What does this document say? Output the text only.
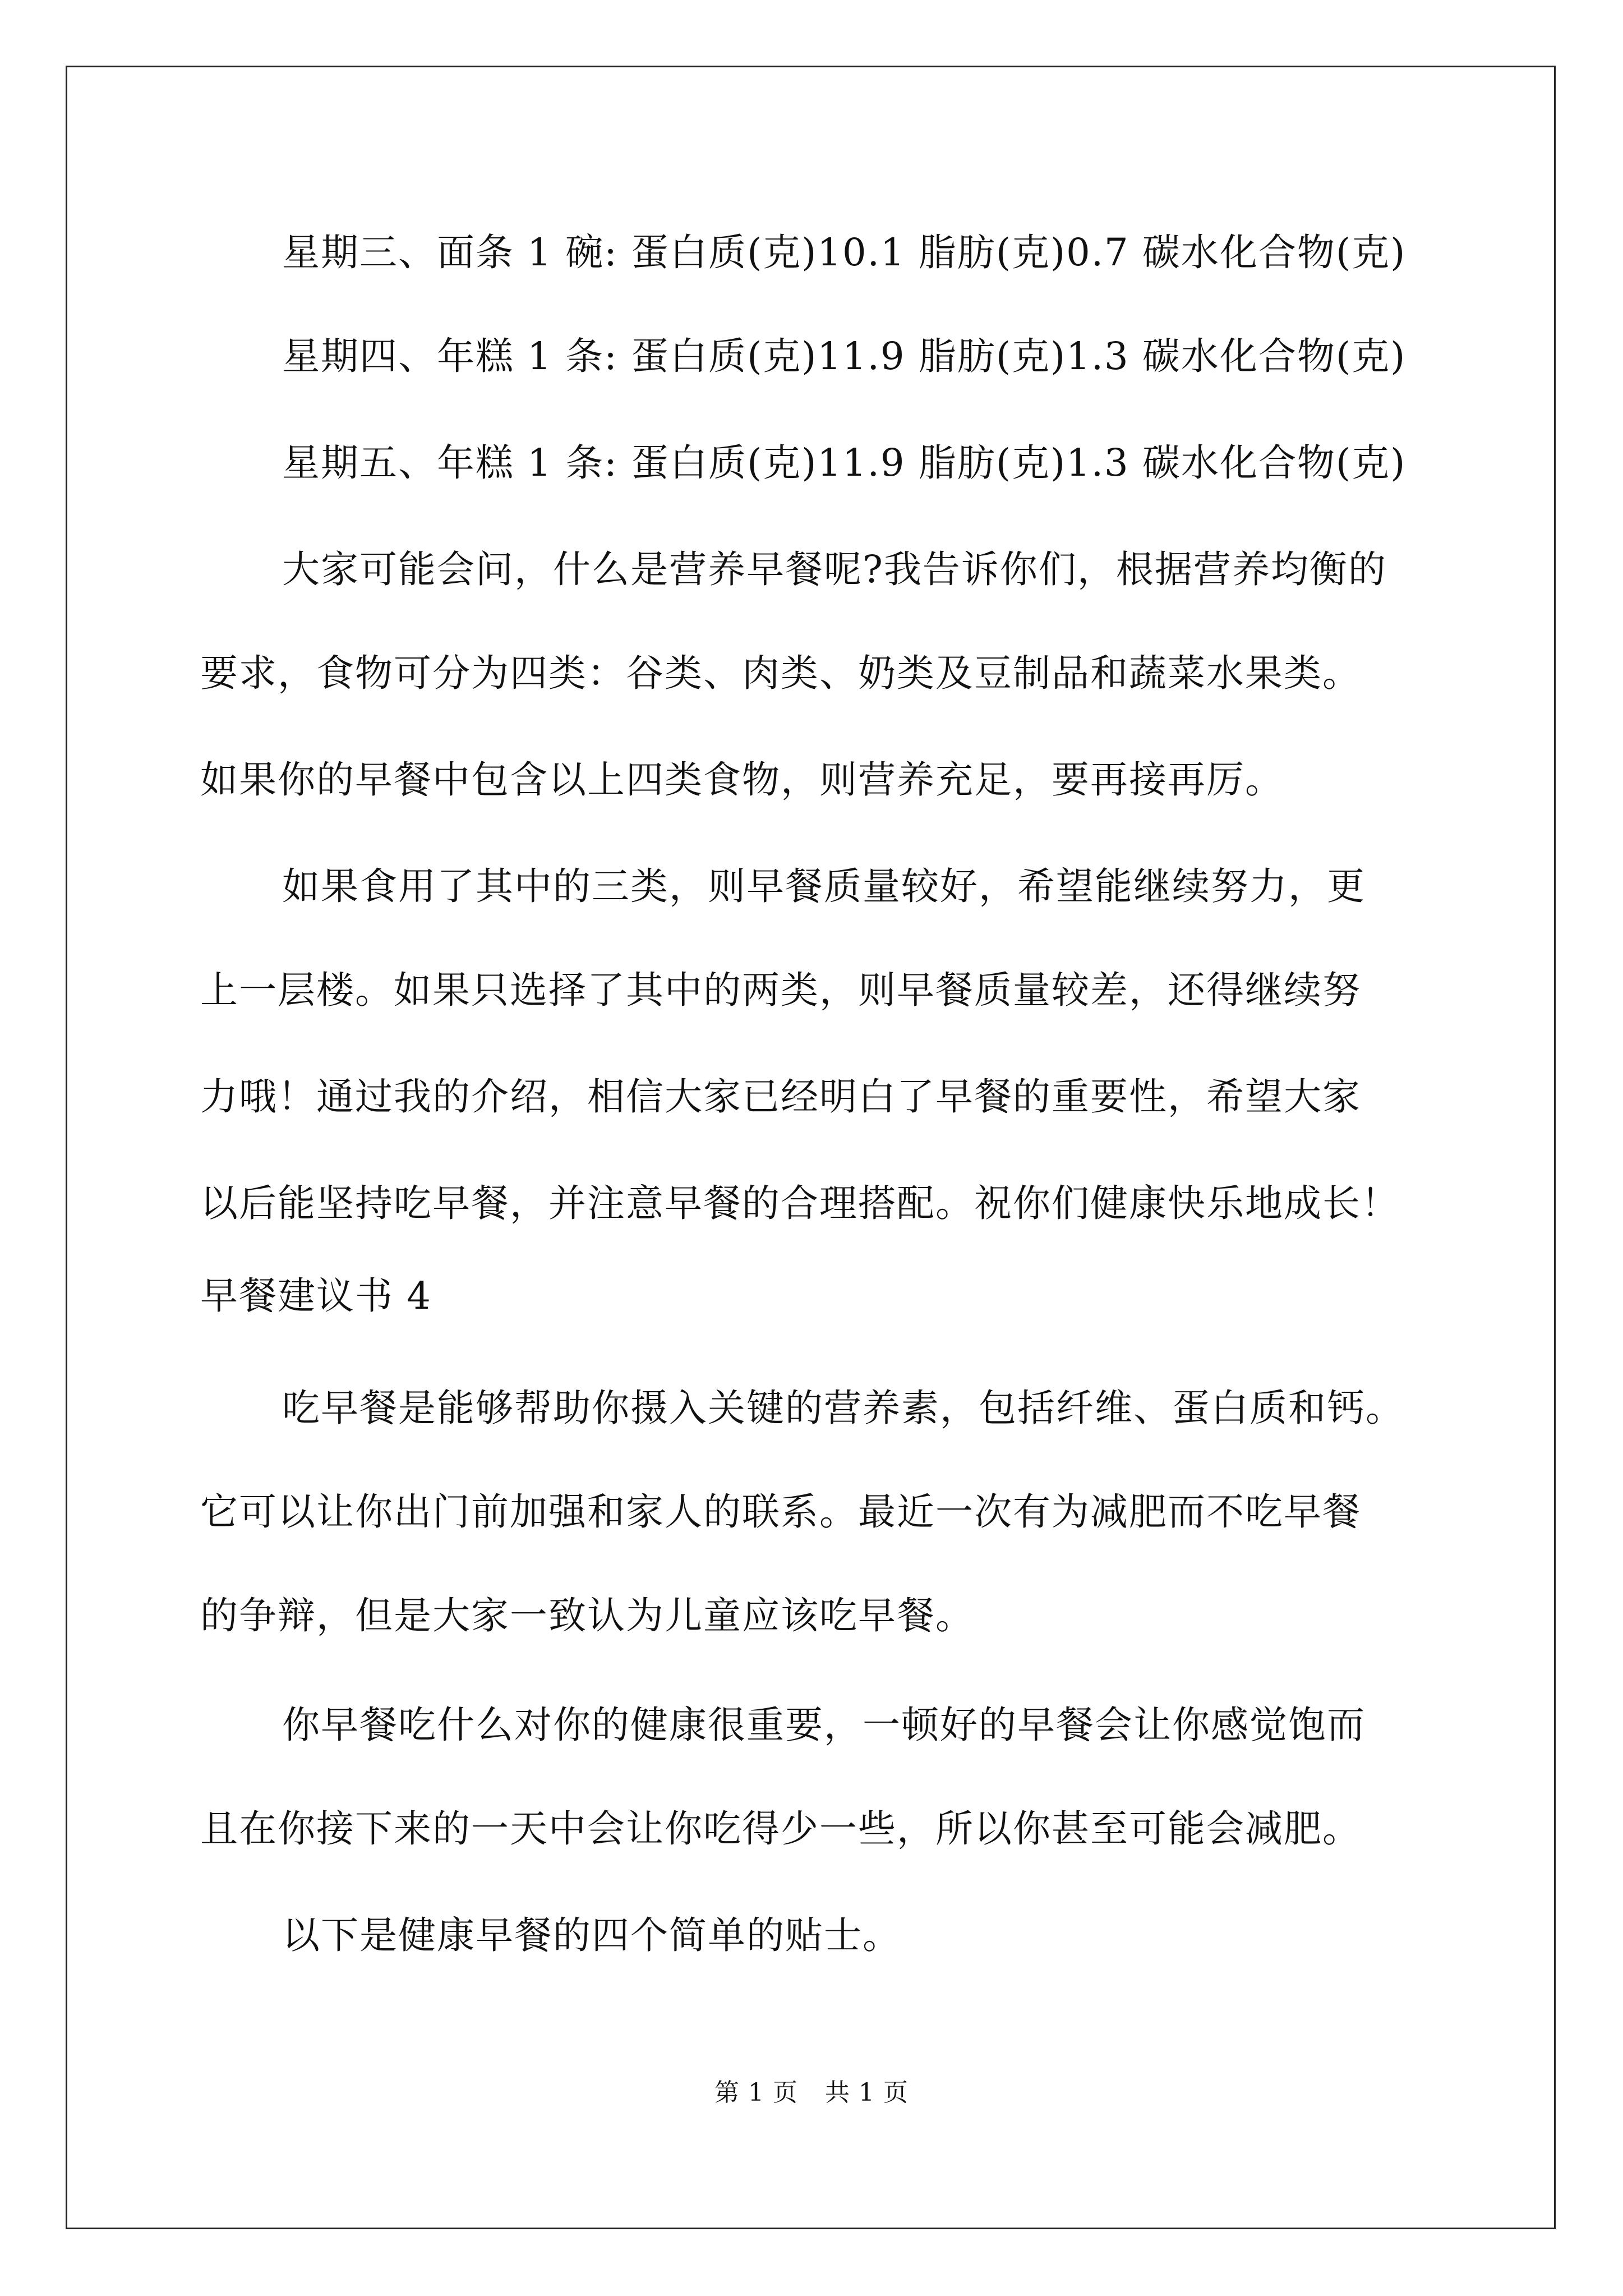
星期三、面条 1 碗: 蛋白质(克)10.1 脂肪(克)0.7 碳水化合物(克)
星期四、年糕 1 条: 蛋白质(克)11.9 脂肪(克)1.3 碳水化合物(克)
星期五、年糕 1 条: 蛋白质(克)11.9 脂肪(克)1.3 碳水化合物(克)
大家可能会问，什么是营养早餐呢?我告诉你们，根据营养均衡的
要求，食物可分为四类：谷类、肉类、奶类及豆制品和蔬菜水果类。
如果你的早餐中包含以上四类食物，则营养充足，要再接再厉。
如果食用了其中的三类，则早餐质量较好，希望能继续努力，更
上一层楼。如果只选择了其中的两类，则早餐质量较差，还得继续努
力哦！通过我的介绍，相信大家已经明白了早餐的重要性，希望大家
以后能坚持吃早餐，并注意早餐的合理搭配。祝你们健康快乐地成长！
早餐建议书 4
吃早餐是能够帮助你摄入关键的营养素，包括纤维、蛋白质和钙。
它可以让你出门前加强和家人的联系。最近一次有为减肥而不吃早餐
的争辩，但是大家一致认为儿童应该吃早餐。
你早餐吃什么对你的健康很重要，一顿好的早餐会让你感觉饱而
且在你接下来的一天中会让你吃得少一些，所以你甚至可能会减肥。
以下是健康早餐的四个简单的贴士。
第 1 页 共 1 页
